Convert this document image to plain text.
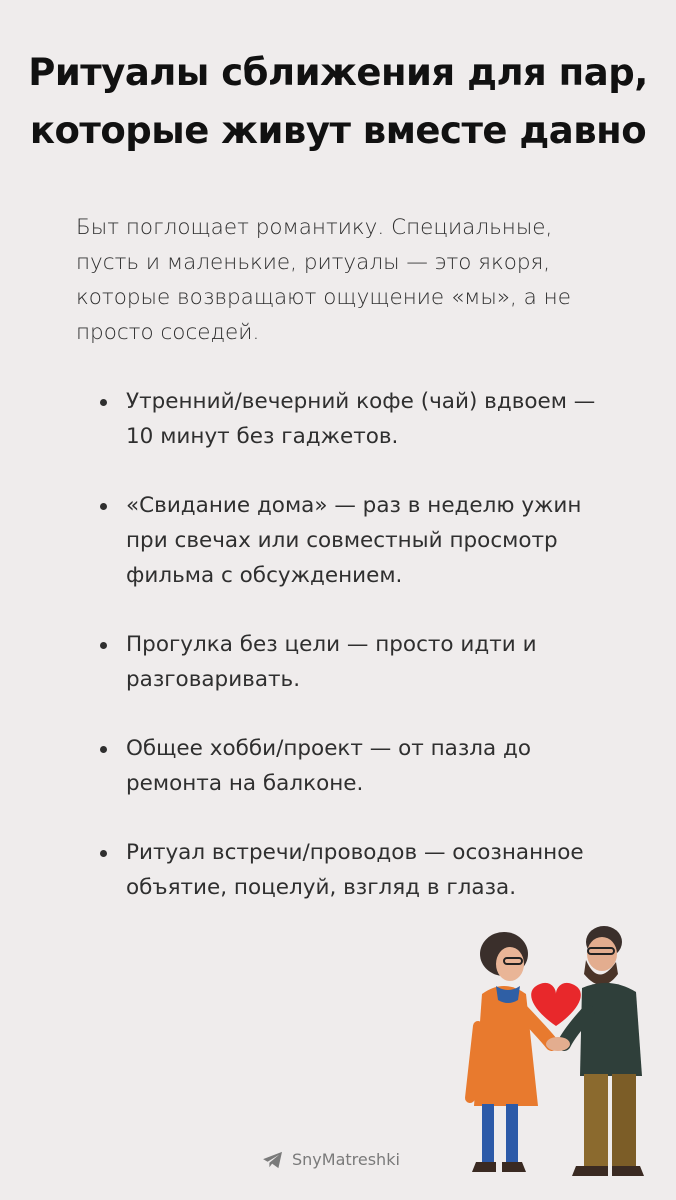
Ритуалы сближения для пар,
которые живут вместе давно

Быт поглощает романтику. Специальные, пусть и маленькие, ритуалы — это якоря, которые возвращают ощущение «мы», а не просто соседей.

Утренний/вечерний кофе (чай) вдвоем — 10 минут без гаджетов.
«Свидание дома» — раз в неделю ужин при свечах или совместный просмотр фильма с обсуждением.
Прогулка без цели — просто идти и разговаривать.
Общее хобби/проект — от пазла до ремонта на балконе.
Ритуал встречи/проводов — осознанное объятие, поцелуй, взгляд в глаза.
SnyMatreshki
